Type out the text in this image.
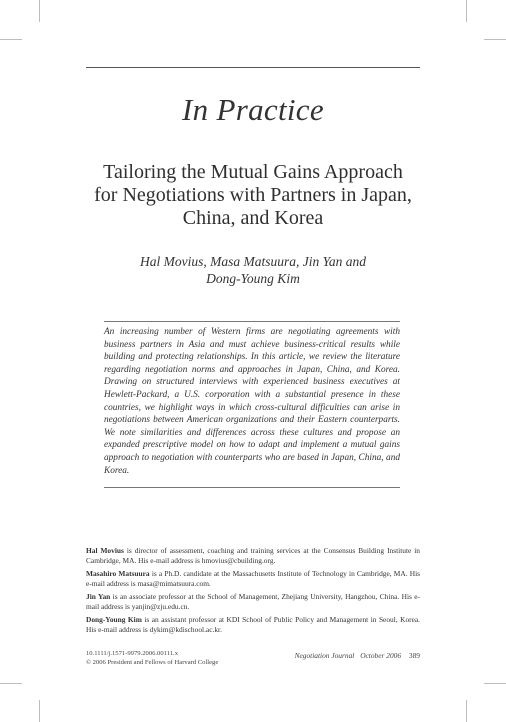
In Practice
Tailoring the Mutual Gains Approach
for Negotiations with Partners in Japan,
China, and Korea
Hal Movius, Masa Matsuura, Jin Yan and
Dong-Young Kim
An increasing number of Western firms are negotiating agreements with business partners in Asia and must achieve business-critical results while building and protecting relationships. In this article, we review the literature regarding negotiation norms and approaches in Japan, China, and Korea. Drawing on structured interviews with experienced business executives at Hewlett-Packard, a U.S. corporation with a substantial presence in these countries, we highlight ways in which cross-cultural difficulties can arise in negotiations between American organizations and their Eastern counterparts. We note similarities and differences across these cultures and propose an expanded prescriptive model on how to adapt and implement a mutual gains approach to negotiation with counterparts who are based in Japan, China, and Korea.

Hal Movius is director of assessment, coaching and training services at the Consensus Building Institute in Cambridge, MA. His e-mail address is hmovius@cbuilding.org.

Masahiro Matsuura is a Ph.D. candidate at the Massachusetts Institute of Technology in Cambridge, MA. His e-mail address is masa@mimatsuura.com.

Jin Yan is an associate professor at the School of Management, Zhejiang University, Hangzhou, China. His e-mail address is yanjin@zju.edu.cn.

Dong-Young Kim is an assistant professor at KDI School of Public Policy and Management in Seoul, Korea. His e-mail address is dykim@kdischool.ac.kr.

10.1111/j.1571-9979.2006.00111.x
© 2006 President and Fellows of Harvard College
Negotiation Journal October 2006 389
